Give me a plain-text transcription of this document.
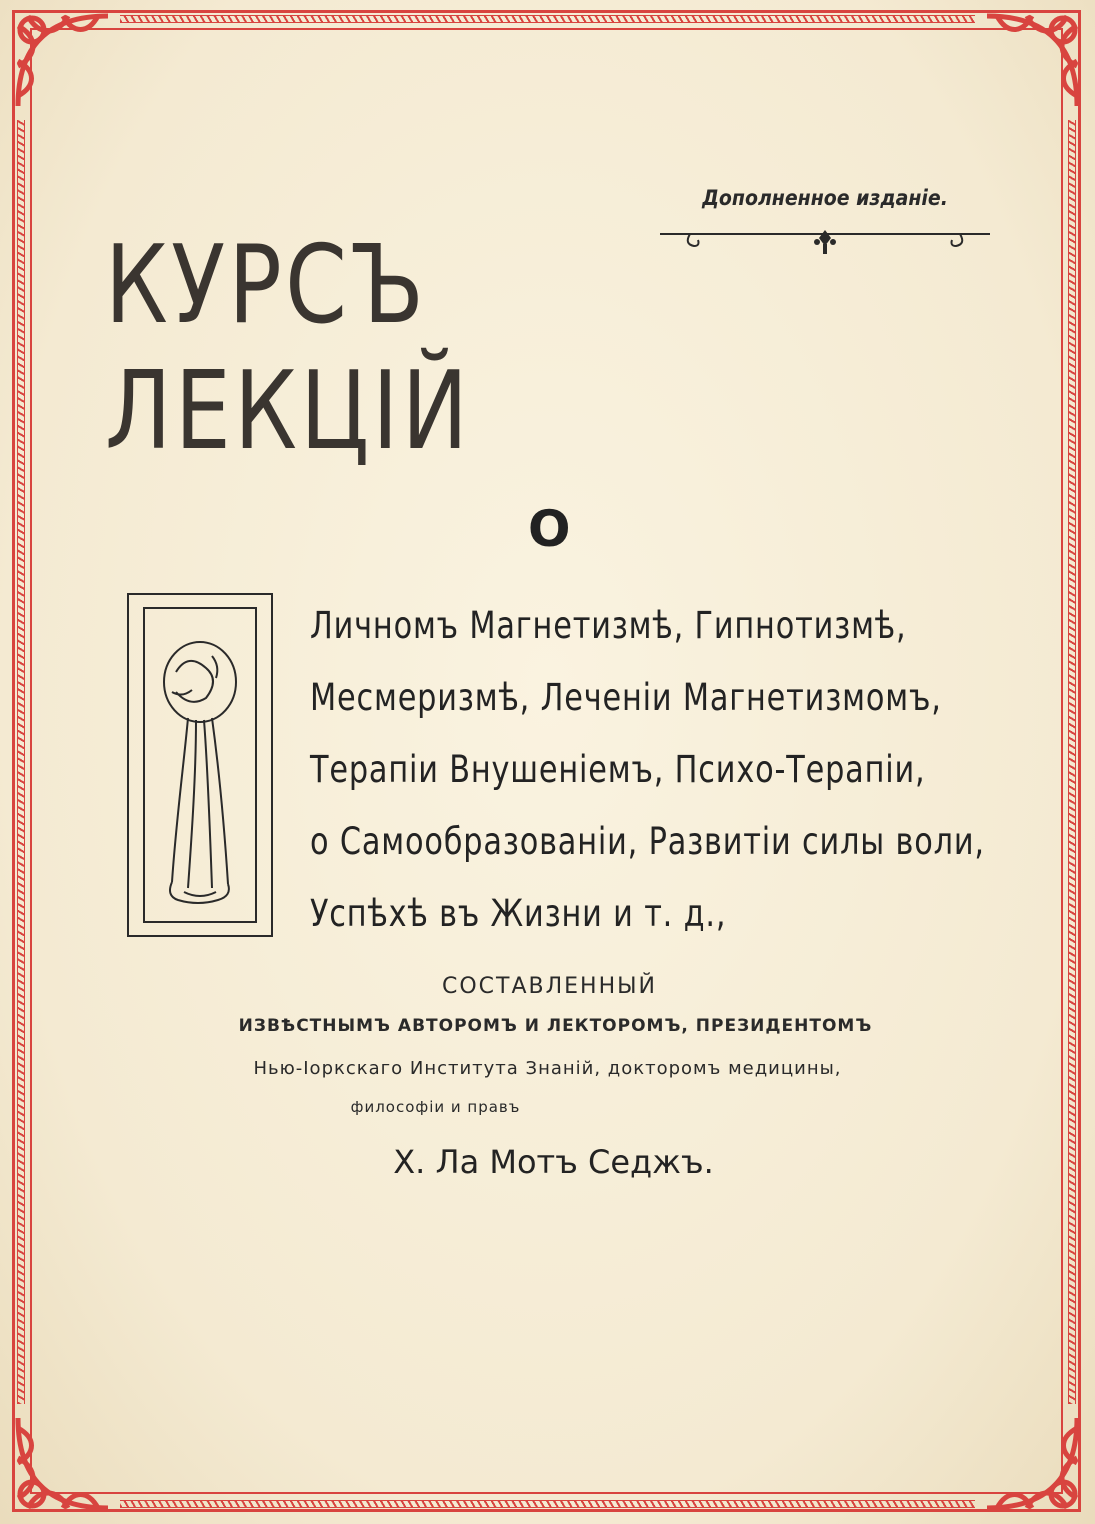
Дополненное изданіе.
КУРСЪ
ЛЕКЦІЙ
О
Личномъ Магнетизмѣ, Гипнотизмѣ,
Месмеризмѣ, Леченіи Магнетизмомъ,
Терапіи Внушеніемъ, Психо-Терапіи,
о Самообразованіи, Развитіи силы воли,
Успѣхѣ въ Жизни и т. д.,
СОСТАВЛЕННЫЙ
ИЗВѢСТНЫМЪ АВТОРОМЪ И ЛЕКТОРОМЪ, ПРЕЗИДЕНТОМЪ
Нью-Іоркскаго Института Знаній, докторомъ медицины,
философіи и правъ
Х. Ла Мотъ Седжъ.
